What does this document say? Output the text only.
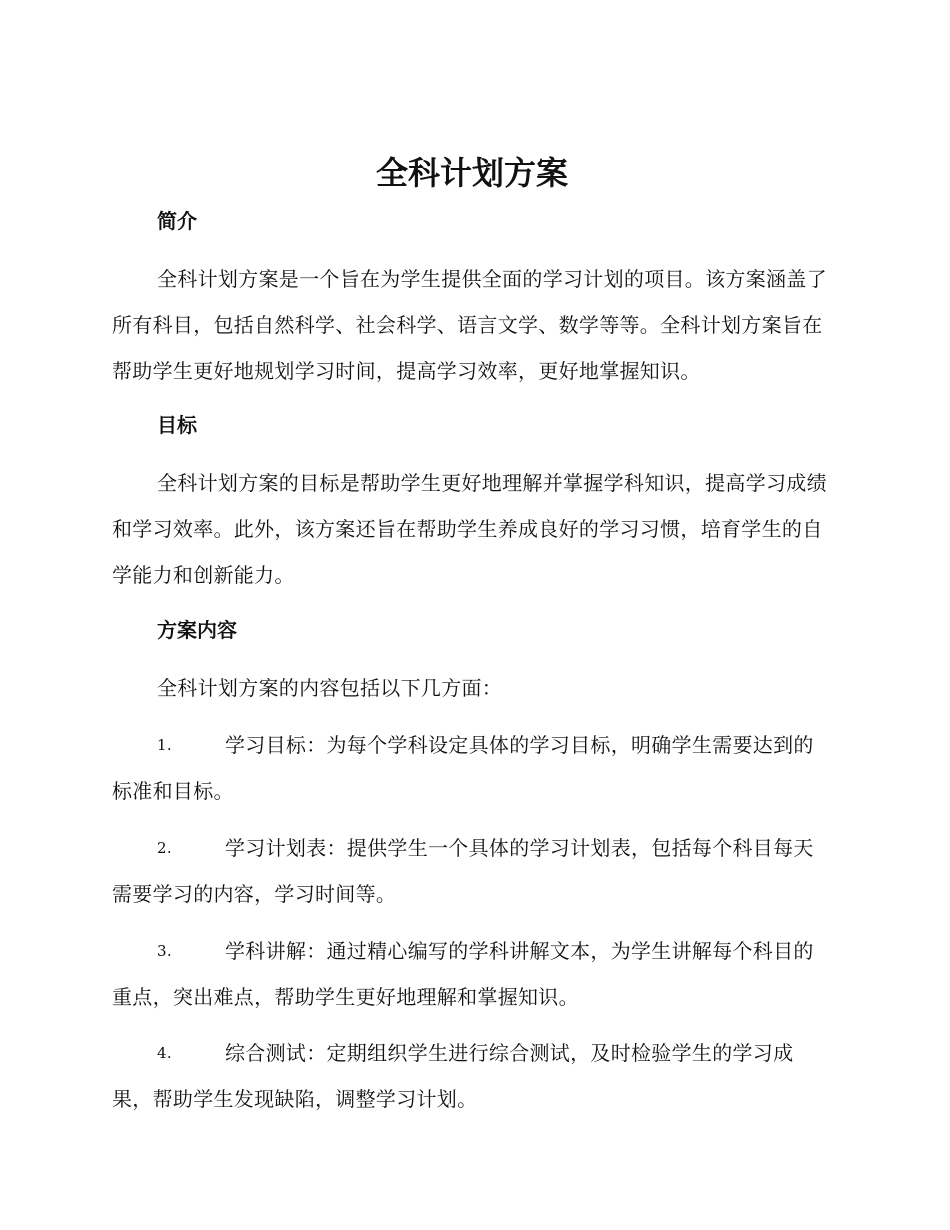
全科计划方案
简介

全科计划方案是一个旨在为学生提供全面的学习计划的项目。该方案涵盖了所有科目，包括自然科学、社会科学、语言文学、数学等等。全科计划方案旨在帮助学生更好地规划学习时间，提高学习效率，更好地掌握知识。

目标

全科计划方案的目标是帮助学生更好地理解并掌握学科知识，提高学习成绩和学习效率。此外，该方案还旨在帮助学生养成良好的学习习惯，培育学生的自学能力和创新能力。

方案内容

全科计划方案的内容包括以下几方面：

1.	学习目标：为每个学科设定具体的学习目标，明确学生需要达到的标准和目标。

2.	学习计划表：提供学生一个具体的学习计划表，包括每个科目每天需要学习的内容，学习时间等。

3.	学科讲解：通过精心编写的学科讲解文本，为学生讲解每个科目的重点，突出难点，帮助学生更好地理解和掌握知识。

4.	综合测试：定期组织学生进行综合测试，及时检验学生的学习成果，帮助学生发现缺陷，调整学习计划。
